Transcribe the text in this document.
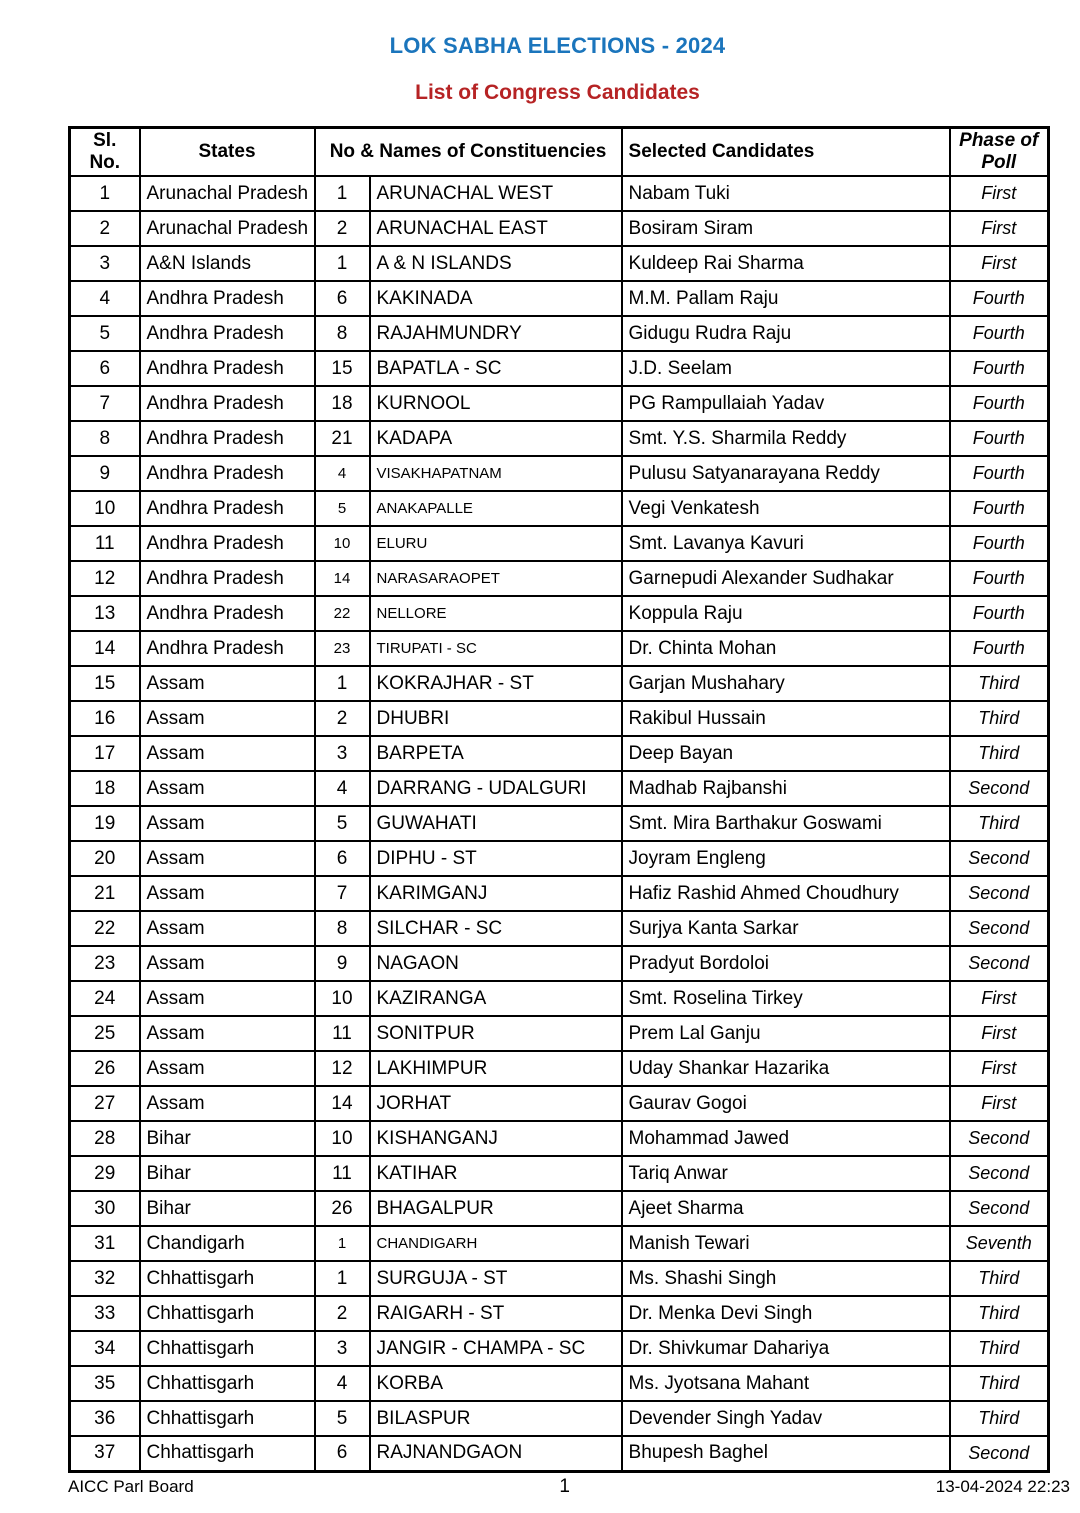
LOK SABHA ELECTIONS - 2024
List of Congress Candidates
Sl. No.	States	No & Names of Constituencies		Selected Candidates	Phase of Poll
1	Arunachal Pradesh	1	ARUNACHAL WEST	Nabam Tuki	First
2	Arunachal Pradesh	2	ARUNACHAL EAST	Bosiram Siram	First
3	A&N Islands	1	A & N ISLANDS	Kuldeep Rai Sharma	First
4	Andhra Pradesh	6	KAKINADA	M.M. Pallam Raju	Fourth
5	Andhra Pradesh	8	RAJAHMUNDRY	Gidugu Rudra Raju	Fourth
6	Andhra Pradesh	15	BAPATLA - SC	J.D. Seelam	Fourth
7	Andhra Pradesh	18	KURNOOL	PG Rampullaiah Yadav	Fourth
8	Andhra Pradesh	21	KADAPA	Smt. Y.S. Sharmila Reddy	Fourth
9	Andhra Pradesh	4	VISAKHAPATNAM	Pulusu Satyanarayana Reddy	Fourth
10	Andhra Pradesh	5	ANAKAPALLE	Vegi Venkatesh	Fourth
11	Andhra Pradesh	10	ELURU	Smt. Lavanya Kavuri	Fourth
12	Andhra Pradesh	14	NARASARAOPET	Garnepudi Alexander Sudhakar	Fourth
13	Andhra Pradesh	22	NELLORE	Koppula Raju	Fourth
14	Andhra Pradesh	23	TIRUPATI - SC	Dr. Chinta Mohan	Fourth
15	Assam	1	KOKRAJHAR - ST	Garjan Mushahary	Third
16	Assam	2	DHUBRI	Rakibul Hussain	Third
17	Assam	3	BARPETA	Deep Bayan	Third
18	Assam	4	DARRANG - UDALGURI	Madhab Rajbanshi	Second
19	Assam	5	GUWAHATI	Smt. Mira Barthakur Goswami	Third
20	Assam	6	DIPHU - ST	Joyram Engleng	Second
21	Assam	7	KARIMGANJ	Hafiz Rashid Ahmed Choudhury	Second
22	Assam	8	SILCHAR - SC	Surjya Kanta Sarkar	Second
23	Assam	9	NAGAON	Pradyut Bordoloi	Second
24	Assam	10	KAZIRANGA	Smt. Roselina Tirkey	First
25	Assam	11	SONITPUR	Prem Lal Ganju	First
26	Assam	12	LAKHIMPUR	Uday Shankar Hazarika	First
27	Assam	14	JORHAT	Gaurav Gogoi	First
28	Bihar	10	KISHANGANJ	Mohammad Jawed	Second
29	Bihar	11	KATIHAR	Tariq Anwar	Second
30	Bihar	26	BHAGALPUR	Ajeet Sharma	Second
31	Chandigarh	1	CHANDIGARH	Manish Tewari	Seventh
32	Chhattisgarh	1	SURGUJA - ST	Ms. Shashi Singh	Third
33	Chhattisgarh	2	RAIGARH - ST	Dr. Menka Devi Singh	Third
34	Chhattisgarh	3	JANGIR - CHAMPA - SC	Dr. Shivkumar Dahariya	Third
35	Chhattisgarh	4	KORBA	Ms. Jyotsana Mahant	Third
36	Chhattisgarh	5	BILASPUR	Devender Singh Yadav	Third
37	Chhattisgarh	6	RAJNANDGAON	Bhupesh Baghel	Second
AICC Parl Board	1	13-04-2024 22:23
